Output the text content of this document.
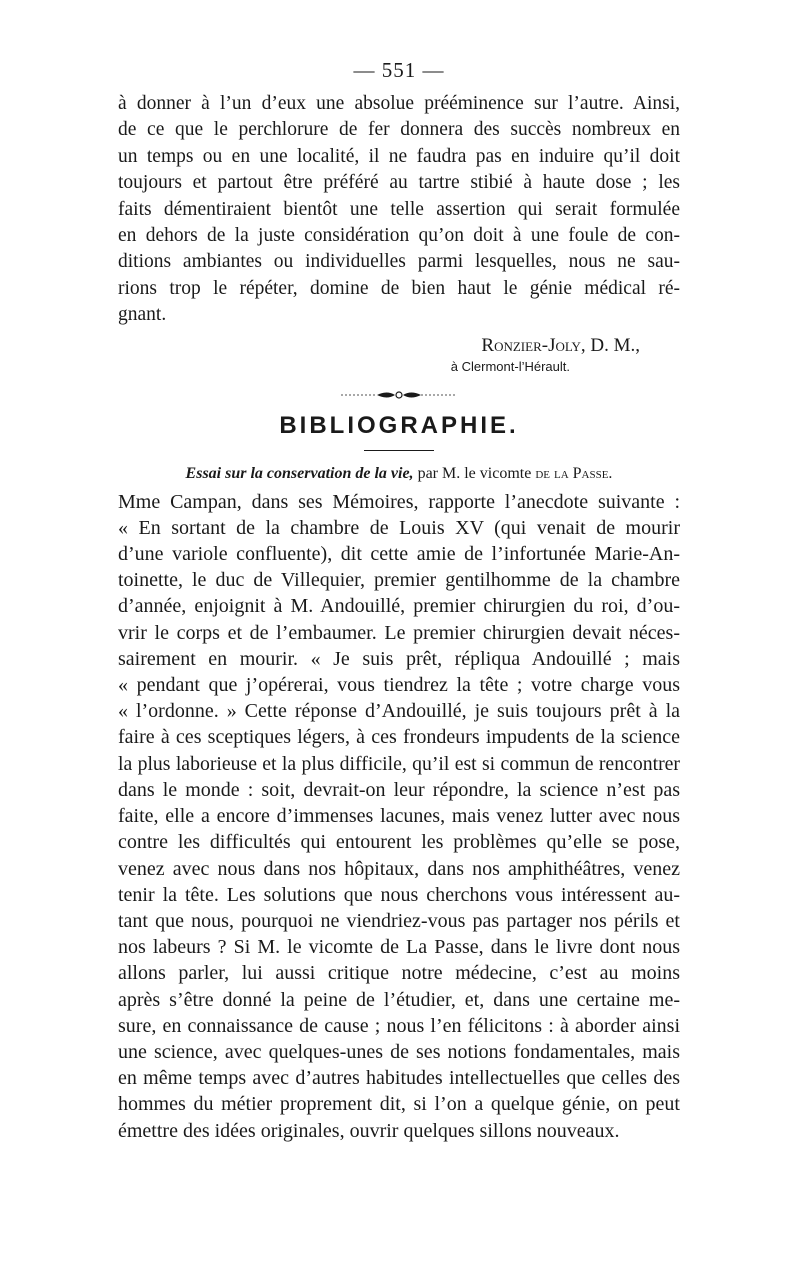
— 551 —

à donner à l’un d’eux une absolue prééminence sur l’autre. Ainsi,
de ce que le perchlorure de fer donnera des succès nombreux en
un temps ou en une localité, il ne faudra pas en induire qu’il doit
toujours et partout être préféré au tartre stibié à haute dose ; les
faits démentiraient bientôt une telle assertion qui serait formulée
en dehors de la juste considération qu’on doit à une foule de con-
ditions ambiantes ou individuelles parmi lesquelles, nous ne sau-
rions trop le répéter, domine de bien haut le génie médical ré-
gnant.

Ronzier-Joly, D. M.,
à Clermont-l’Hérault.
BIBLIOGRAPHIE.
Essai sur la conservation de la vie, par M. le vicomte de la Passe.

Mme Campan, dans ses Mémoires, rapporte l’anecdote suivante :
« En sortant de la chambre de Louis XV (qui venait de mourir
d’une variole confluente), dit cette amie de l’infortunée Marie-An-
toinette, le duc de Villequier, premier gentilhomme de la chambre
d’année, enjoignit à M. Andouillé, premier chirurgien du roi, d’ou-
vrir le corps et de l’embaumer. Le premier chirurgien devait néces-
sairement en mourir. « Je suis prêt, répliqua Andouillé ; mais
« pendant que j’opérerai, vous tiendrez la tête ; votre charge vous
« l’ordonne. » Cette réponse d’Andouillé, je suis toujours prêt à la
faire à ces sceptiques légers, à ces frondeurs impudents de la science
la plus laborieuse et la plus difficile, qu’il est si commun de rencontrer
dans le monde : soit, devrait-on leur répondre, la science n’est pas
faite, elle a encore d’immenses lacunes, mais venez lutter avec nous
contre les difficultés qui entourent les problèmes qu’elle se pose,
venez avec nous dans nos hôpitaux, dans nos amphithéâtres, venez
tenir la tête. Les solutions que nous cherchons vous intéressent au-
tant que nous, pourquoi ne viendriez-vous pas partager nos périls et
nos labeurs ? Si M. le vicomte de La Passe, dans le livre dont nous
allons parler, lui aussi critique notre médecine, c’est au moins
après s’être donné la peine de l’étudier, et, dans une certaine me-
sure, en connaissance de cause ; nous l’en félicitons : à aborder ainsi
une science, avec quelques-unes de ses notions fondamentales, mais
en même temps avec d’autres habitudes intellectuelles que celles des
hommes du métier proprement dit, si l’on a quelque génie, on peut
émettre des idées originales, ouvrir quelques sillons nouveaux.
